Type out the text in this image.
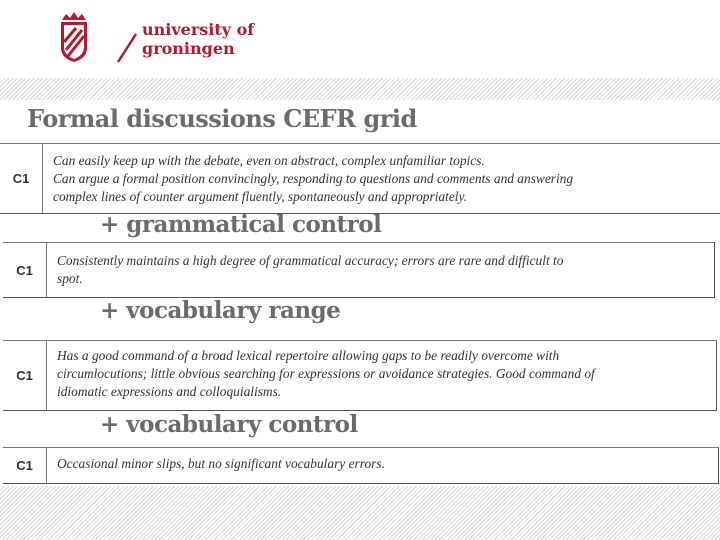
university of
groningen
Formal discussions CEFR grid
C1
Can easily keep up with the debate, even on abstract, complex unfamiliar topics.
Can argue a formal position convincingly, responding to questions and comments and answering
complex lines of counter argument fluently, spontaneously and appropriately.
+ grammatical control
C1
Consistently maintains a high degree of grammatical accuracy; errors are rare and difficult to
spot.
+ vocabulary range
C1
Has a good command of a broad lexical repertoire allowing gaps to be readily overcome with
circumlocutions; little obvious searching for expressions or avoidance strategies. Good command of
idiomatic expressions and colloquialisms.
+ vocabulary control
C1	Occasional minor slips, but no significant vocabulary errors.
